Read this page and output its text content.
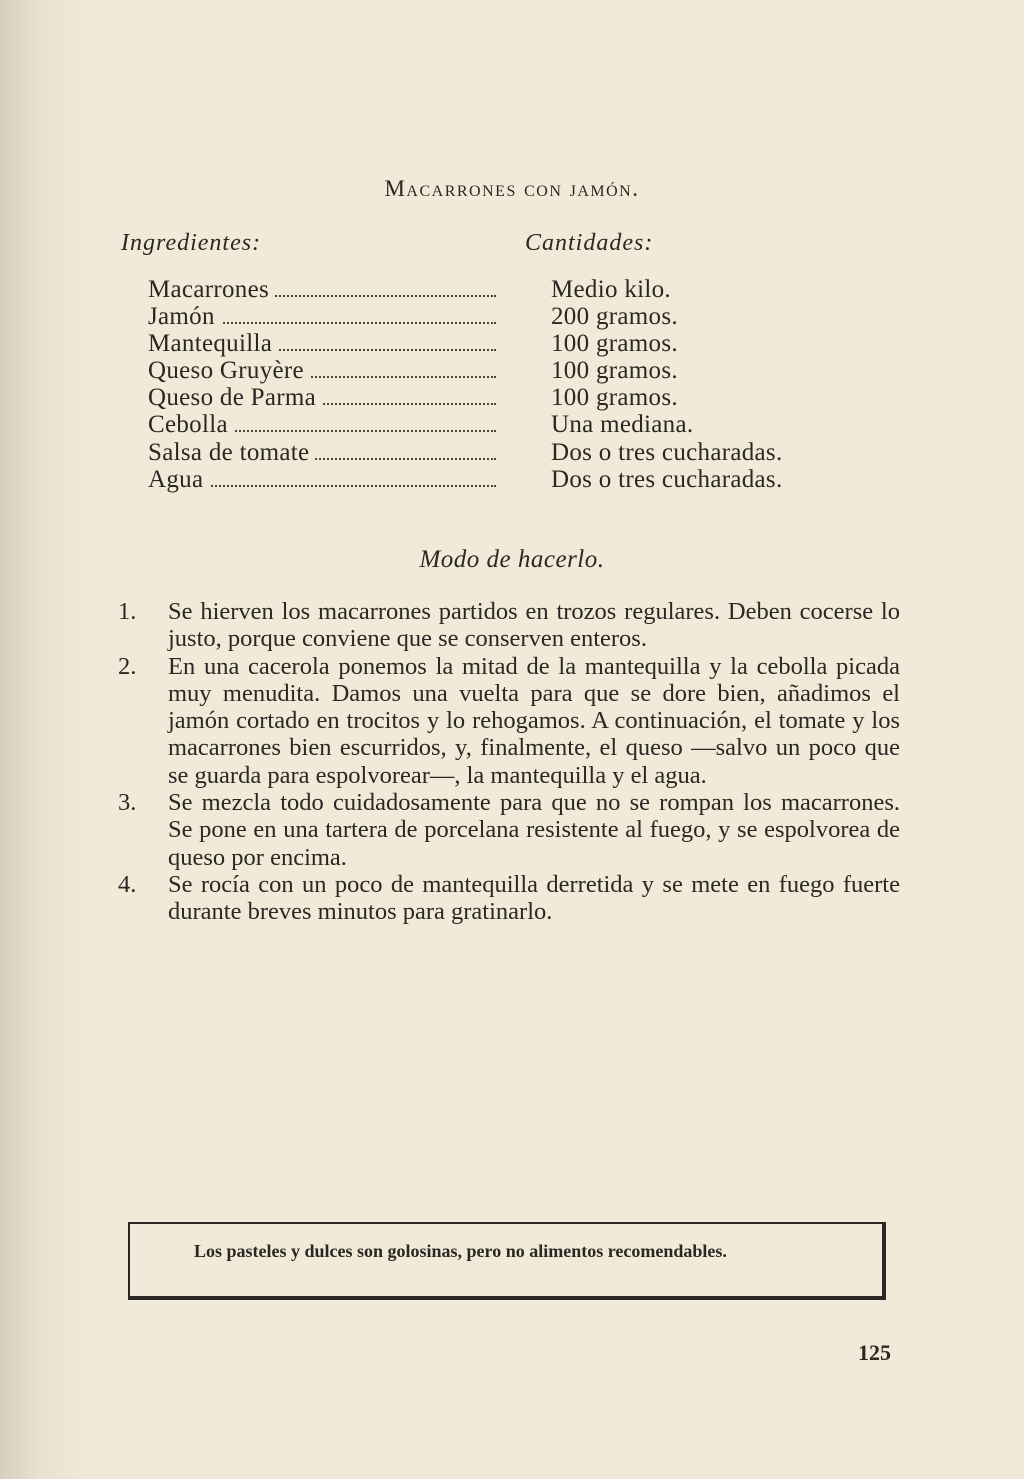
Macarrones con jamón.
Ingredientes:	Cantidades:
Macarrones	Medio kilo.
Jamón	200 gramos.
Mantequilla	100 gramos.
Queso Gruyère	100 gramos.
Queso de Parma	100 gramos.
Cebolla	Una mediana.
Salsa de tomate	Dos o tres cucharadas.
Agua	Dos o tres cucharadas.
Modo de hacerlo.
1. Se hierven los macarrones partidos en trozos regulares. Deben cocerse lo justo, porque conviene que se conserven enteros.
2. En una cacerola ponemos la mitad de la mantequilla y la cebolla picada muy menudita. Damos una vuelta para que se dore bien, añadimos el jamón cortado en trocitos y lo rehogamos. A continuación, el tomate y los macarrones bien escurridos, y, finalmente, el queso —salvo un poco que se guarda para espolvorear—, la mantequilla y el agua.
3. Se mezcla todo cuidadosamente para que no se rompan los macarrones. Se pone en una tartera de porcelana resistente al fuego, y se espolvorea de queso por encima.
4. Se rocía con un poco de mantequilla derretida y se mete en fuego fuerte durante breves minutos para gratinarlo.
Los pasteles y dulces son golosinas, pero no alimentos recomendables.
125
